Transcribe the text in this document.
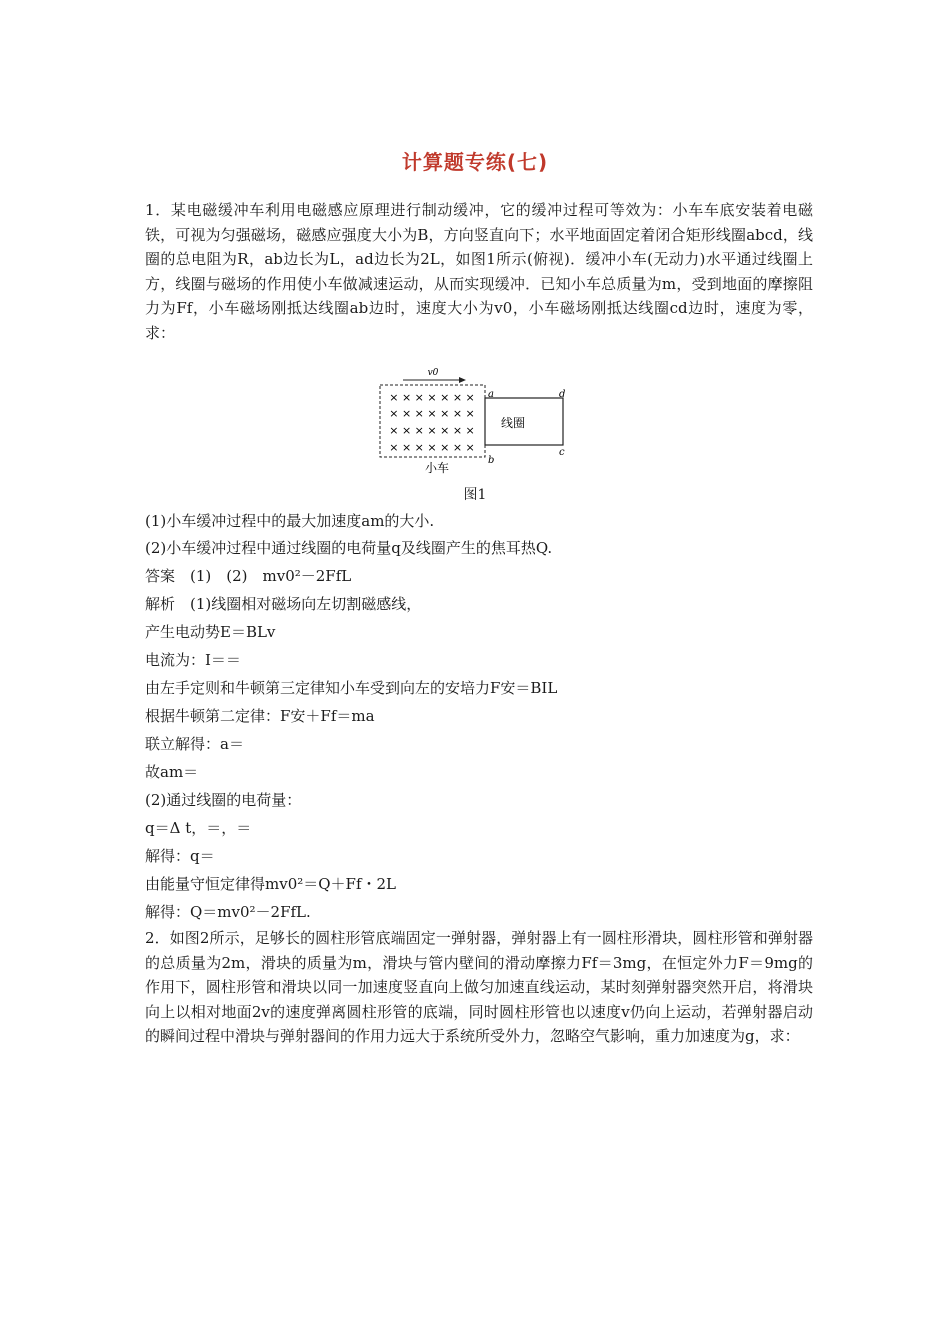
计算题专练(七)
1．某电磁缓冲车利用电磁感应原理进行制动缓冲，它的缓冲过程可等效为：小车车底安装着电磁铁，可视为匀强磁场，磁感应强度大小为B，方向竖直向下；水平地面固定着闭合矩形线圈abcd，线圈的总电阻为R，ab边长为L，ad边长为2L，如图1所示(俯视)．缓冲小车(无动力)水平通过线圈上方，线圈与磁场的作用使小车做减速运动，从而实现缓冲．已知小车总质量为m，受到地面的摩擦阻力为Ff，小车磁场刚抵达线圈ab边时，速度大小为v0，小车磁场刚抵达线圈cd边时，速度为零，求：
v0
× × × × × × ×
× × × × × × ×
× × × × × × ×
× × × × × × ×
线圈
a
b
c
d
小车
图1
(1)小车缓冲过程中的最大加速度am的大小.
(2)小车缓冲过程中通过线圈的电荷量q及线圈产生的焦耳热Q.
答案　(1)　(2)　mv0²－2FfL
解析　(1)线圈相对磁场向左切割磁感线，
产生电动势E＝BLv
电流为：I＝＝
由左手定则和牛顿第三定律知小车受到向左的安培力F安＝BIL
根据牛顿第二定律：F安＋Ff＝ma
联立解得：a＝
故am＝
(2)通过线圈的电荷量：
q＝Δ t，＝，＝
解得：q＝
由能量守恒定律得mv0²＝Q＋Ff・2L
解得：Q＝mv0²－2FfL.
2．如图2所示，足够长的圆柱形管底端固定一弹射器，弹射器上有一圆柱形滑块，圆柱形管和弹射器的总质量为2m，滑块的质量为m，滑块与管内壁间的滑动摩擦力Ff＝3mg，在恒定外力F＝9mg的作用下，圆柱形管和滑块以同一加速度竖直向上做匀加速直线运动，某时刻弹射器突然开启，将滑块向上以相对地面2v的速度弹离圆柱形管的底端，同时圆柱形管也以速度v仍向上运动，若弹射器启动的瞬间过程中滑块与弹射器间的作用力远大于系统所受外力，忽略空气影响，重力加速度为g，求：
